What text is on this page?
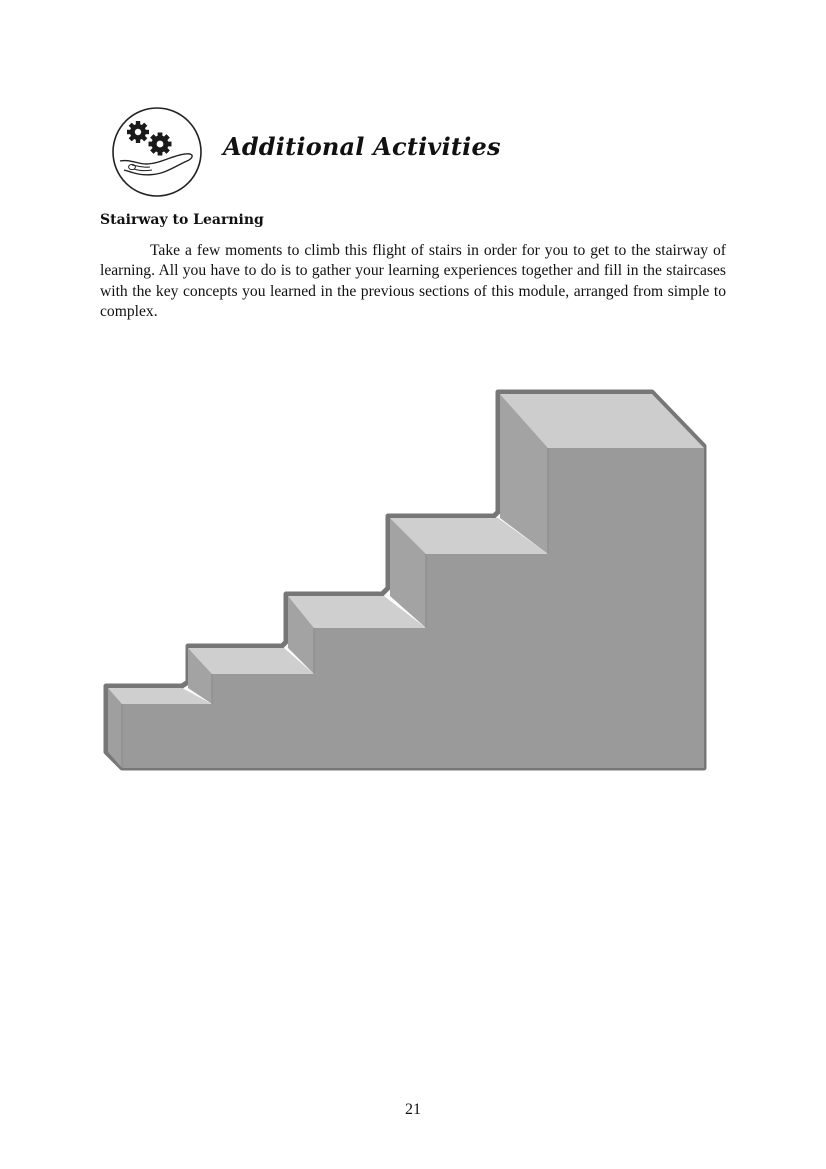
Additional Activities
Stairway to Learning

Take a few moments to climb this flight of stairs in order for you to get to the stairway of learning. All you have to do is to gather your learning experiences together and fill in the staircases with the key concepts you learned in the previous sections of this module, arranged from simple to complex.

21
